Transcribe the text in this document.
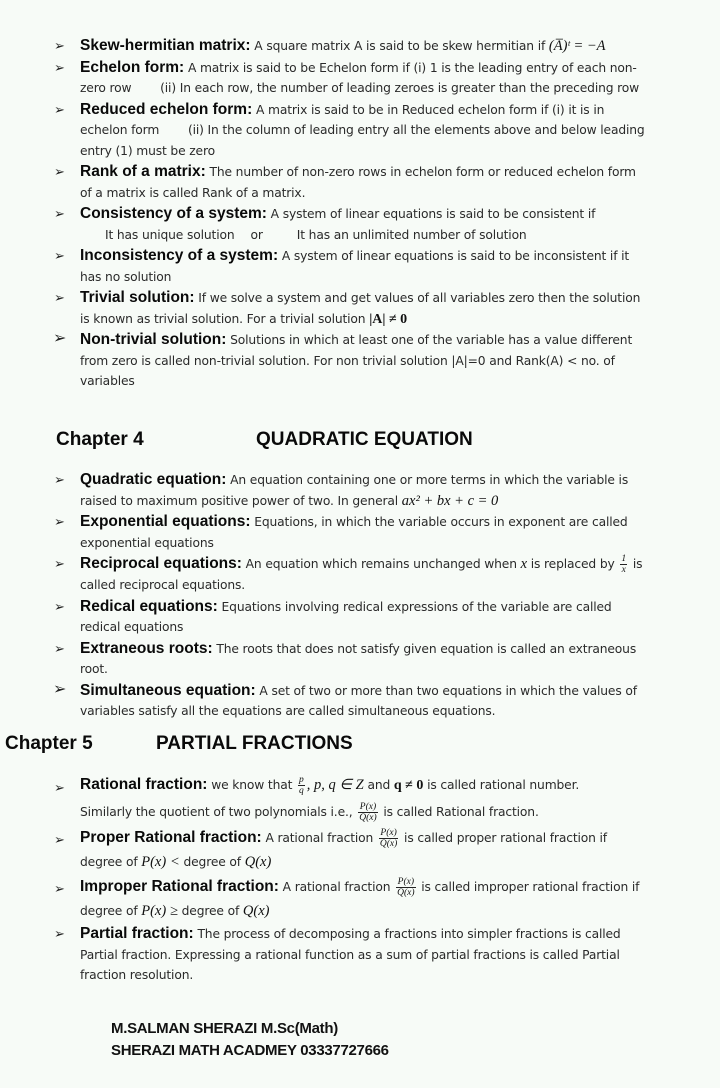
➢ Skew-hermitian matrix: A square matrix A is said to be skew hermitian if (A̅)ᵗ = −A
➢ Echelon form: A matrix is said to be Echelon form if (i) 1 is the leading entry of each non-zero row (ii) In each row, the number of leading zeroes is greater than the preceding row
➢ Reduced echelon form: A matrix is said to be in Reduced echelon form if (i) it is in echelon form (ii) In the column of leading entry all the elements above and below leading entry (1) must be zero
➢ Rank of a matrix: The number of non-zero rows in echelon form or reduced echelon form of a matrix is called Rank of a matrix.
➢ Consistency of a system: A system of linear equations is said to be consistent if
It has unique solution or	It has an unlimited number of solution
➢ Inconsistency of a system: A system of linear equations is said to be inconsistent if it has no solution
➢ Trivial solution: If we solve a system and get values of all variables zero then the solution is known as trivial solution. For a trivial solution |A| ≠ 0
➢ Non-trivial solution: Solutions in which at least one of the variable has a value different from zero is called non-trivial solution. For non trivial solution |A|=0 and Rank(A) < no. of variables
Chapter 4	QUADRATIC EQUATION
➢ Quadratic equation: An equation containing one or more terms in which the variable is raised to maximum positive power of two. In general ax² + bx + c = 0
➢ Exponential equations: Equations, in which the variable occurs in exponent are called exponential equations
➢ Reciprocal equations: An equation which remains unchanged when x is replaced by $\frac{1}{x}$ is called reciprocal equations.
➢ Redical equations: Equations involving redical expressions of the variable are called redical equations
➢ Extraneous roots: The roots that does not satisfy given equation is called an extraneous root.
➢ Simultaneous equation: A set of two or more than two equations in which the values of variables satisfy all the equations are called simultaneous equations.
Chapter 5	PARTIAL FRACTIONS
➢ Rational fraction: we know that $\frac{p}{q}$ , p, q ∈ Z and q ≠ 0 is called rational number.
Similarly the quotient of two polynomials i.e., $\frac{P(x)}{Q(x)}$ is called Rational fraction.
➢ Proper Rational fraction: A rational fraction $\frac{P(x)}{Q(x)}$ is called proper rational fraction if degree of P(x) < degree of Q(x)
➢ Improper Rational fraction: A rational fraction $\frac{P(x)}{Q(x)}$ is called improper rational fraction if degree of P(x) ≥ degree of Q(x)
➢ Partial fraction: The process of decomposing a fractions into simpler fractions is called Partial fraction. Expressing a rational function as a sum of partial fractions is called Partial fraction resolution.
M.SALMAN SHERAZI M.Sc(Math)
SHERAZI MATH ACADMEY 03337727666
